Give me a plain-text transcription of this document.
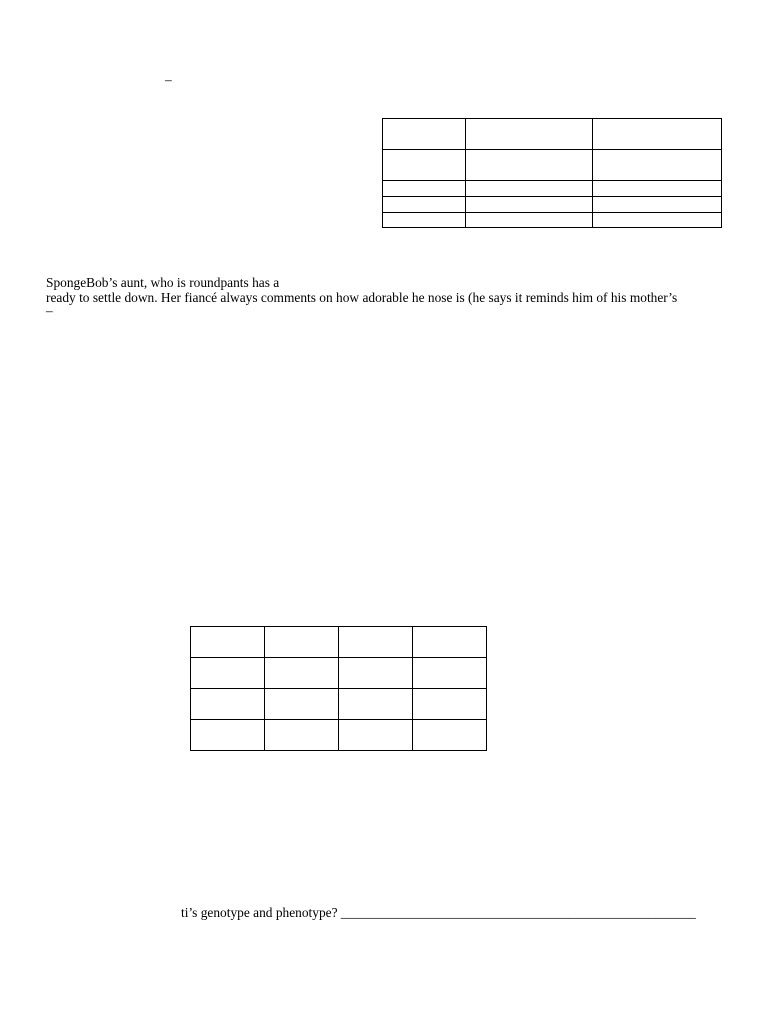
–

SpongeBob’s aunt, who is roundpants has a
ready to settle down. Her fiancé always comments on how adorable he nose is (he says it reminds him of his mother’s
–

ti’s genotype and phenotype? _____________________________________________________
